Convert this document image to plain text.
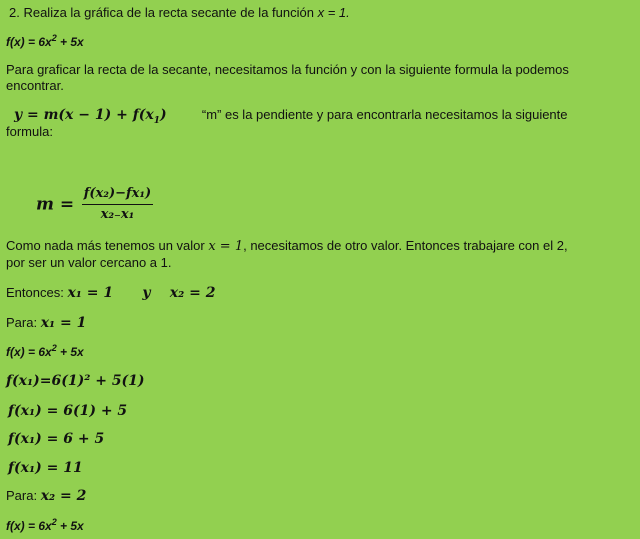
2. Realiza la gráfica de la recta secante de la función x = 1.
$f(x) = 6x^2 + 5x$
Para graficar la recta de la secante, necesitamos la función y con la siguiente formula la podemos
encontrar.
$y = m(x - 1) + f(x_1)$	“m” es la pendiente y para encontrarla necesitamos la siguiente
formula:
$m = \frac{\text{f(x₂)−fx₁)}}{\text{x₂₋x₁}}$
Como nada más tenemos un valor x = 1, necesitamos de otro valor. Entonces trabajare con el 2,
por ser un valor cercano a 1.
Entonces: x₁ = 1 y x₂ = 2
Para: x₁ = 1
$f(x) = 6x^2 + 5x$
f(x₁)=6(1)² + 5(1)
f(x₁) = 6(1) + 5
f(x₁) = 6 + 5
f(x₁) = 11
Para: x₂ = 2
$f(x) = 6x^2 + 5x$
